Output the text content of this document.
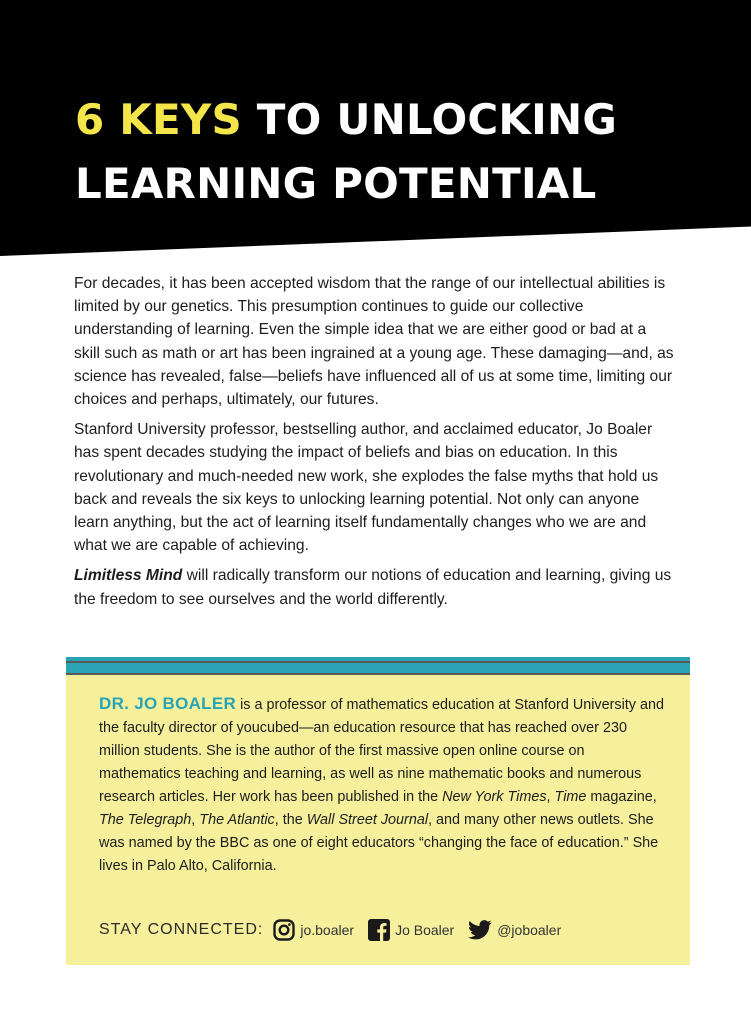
6 KEYS TO UNLOCKING
LEARNING POTENTIAL

For decades, it has been accepted wisdom that the range of our intellectual abilities is limited by our genetics. This presumption continues to guide our collective understanding of learning. Even the simple idea that we are either good or bad at a skill such as math or art has been ingrained at a young age. These damaging—and, as science has revealed, false—beliefs have influenced all of us at some time, limiting our choices and perhaps, ultimately, our futures.

Stanford University professor, bestselling author, and acclaimed educator, Jo Boaler has spent decades studying the impact of beliefs and bias on education. In this revolutionary and much-needed new work, she explodes the false myths that hold us back and reveals the six keys to unlocking learning potential. Not only can anyone learn anything, but the act of learning itself fundamentally changes who we are and what we are capable of achieving.

Limitless Mind will radically transform our notions of education and learning, giving us the freedom to see ourselves and the world differently.

DR. JO BOALER is a professor of mathematics education at Stanford University and the faculty director of youcubed—an education resource that has reached over 230 million students. She is the author of the first massive open online course on mathematics teaching and learning, as well as nine mathematic books and numerous research articles. Her work has been published in the New York Times, Time magazine, The Telegraph, The Atlantic, the Wall Street Journal, and many other news outlets. She was named by the BBC as one of eight educators “changing the face of education.” She lives in Palo Alto, California.

STAY CONNECTED:	jo.boaler	Jo Boaler	@joboaler
